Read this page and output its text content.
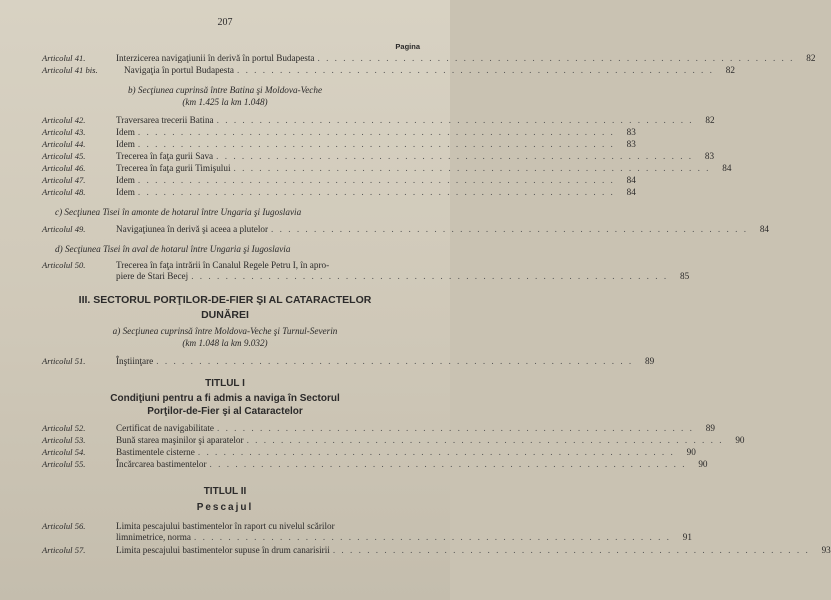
207
Pagina
Articolul 41.	Interzicerea navigaţiunii în derivă în portul Budapesta . . . . . . . . . . . . . . . . . . . . . . . . . . . . . . . . . . . . . . . . . . . . . . . . . . . . . . . .	82
Articolul 41 bis.	Navigaţia în portul Budapesta . . . . . . . . . . . . . . . . . . . . . . . . . . . . . . . . . . . . . . . . . . . . . . . . . . . . . . . .	82
b) Secţiunea cuprinsă între Batina şi Moldova-Veche
(km 1.425 la km 1.048)
Articolul 42.	Traversarea trecerii Batina . . . . . . . . . . . . . . . . . . . . . . . . . . . . . . . . . . . . . . . . . . . . . . . . . . . . . . . .	82
Articolul 43.	Idem . . . . . . . . . . . . . . . . . . . . . . . . . . . . . . . . . . . . . . . . . . . . . . . . . . . . . . . .	83
Articolul 44.	Idem . . . . . . . . . . . . . . . . . . . . . . . . . . . . . . . . . . . . . . . . . . . . . . . . . . . . . . . .	83
Articolul 45.	Trecerea în faţa gurii Sava . . . . . . . . . . . . . . . . . . . . . . . . . . . . . . . . . . . . . . . . . . . . . . . . . . . . . . . .	83
Articolul 46.	Trecerea în faţa gurii Timişului . . . . . . . . . . . . . . . . . . . . . . . . . . . . . . . . . . . . . . . . . . . . . . . . . . . . . . . .	84
Articolul 47.	Idem . . . . . . . . . . . . . . . . . . . . . . . . . . . . . . . . . . . . . . . . . . . . . . . . . . . . . . . .	84
Articolul 48.	Idem . . . . . . . . . . . . . . . . . . . . . . . . . . . . . . . . . . . . . . . . . . . . . . . . . . . . . . . .	84
c) Secţiunea Tisei în amonte de hotarul între Ungaria şi Iugoslavia
Articolul 49.	Navigaţiunea în derivă şi aceea a plutelor . . . . . . . . . . . . . . . . . . . . . . . . . . . . . . . . . . . . . . . . . . . . . . . . . . . . . . . .	84
d) Secţiunea Tisei în aval de hotarul între Ungaria şi Iugoslavia
Articolul 50.	Trecerea în faţa intrării în Canalul Regele Petru I, în apro-
piere de Stari Becej . . . . . . . . . . . . . . . . . . . . . . . . . . . . . . . . . . . . . . . . . . . . . . . . . . . . . . . .	85
III. SECTORUL PORŢILOR-DE-FIER ŞI AL CATARACTELOR
DUNĂREI
a) Secţiunea cuprinsă între Moldova-Veche şi Turnul-Severin
(km 1.048 la km 9.032)
Articolul 51.	Înştiinţare . . . . . . . . . . . . . . . . . . . . . . . . . . . . . . . . . . . . . . . . . . . . . . . . . . . . . . . .	89
TITLUL I
Condiţiuni pentru a fi admis a naviga în Sectorul
Porţilor-de-Fier şi al Cataractelor
Articolul 52.	Certificat de navigabilitate . . . . . . . . . . . . . . . . . . . . . . . . . . . . . . . . . . . . . . . . . . . . . . . . . . . . . . . .	89
Articolul 53.	Bună starea maşinilor şi aparatelor . . . . . . . . . . . . . . . . . . . . . . . . . . . . . . . . . . . . . . . . . . . . . . . . . . . . . . . .	90
Articolul 54.	Bastimentele cisterne . . . . . . . . . . . . . . . . . . . . . . . . . . . . . . . . . . . . . . . . . . . . . . . . . . . . . . . .	90
Articolul 55.	Încărcarea bastimentelor . . . . . . . . . . . . . . . . . . . . . . . . . . . . . . . . . . . . . . . . . . . . . . . . . . . . . . . .	90
TITLUL II
Pescajul
Articolul 56.	Limita pescajului bastimentelor în raport cu nivelul scărilor
limnimetrice, norma . . . . . . . . . . . . . . . . . . . . . . . . . . . . . . . . . . . . . . . . . . . . . . . . . . . . . . . .	91
Articolul 57.	Limita pescajului bastimentelor supuse în drum canarisirii . . . . . . . . . . . . . . . . . . . . . . . . . . . . . . . . . . . . . . . . . . . . . . . . . . . . . . . .	93
